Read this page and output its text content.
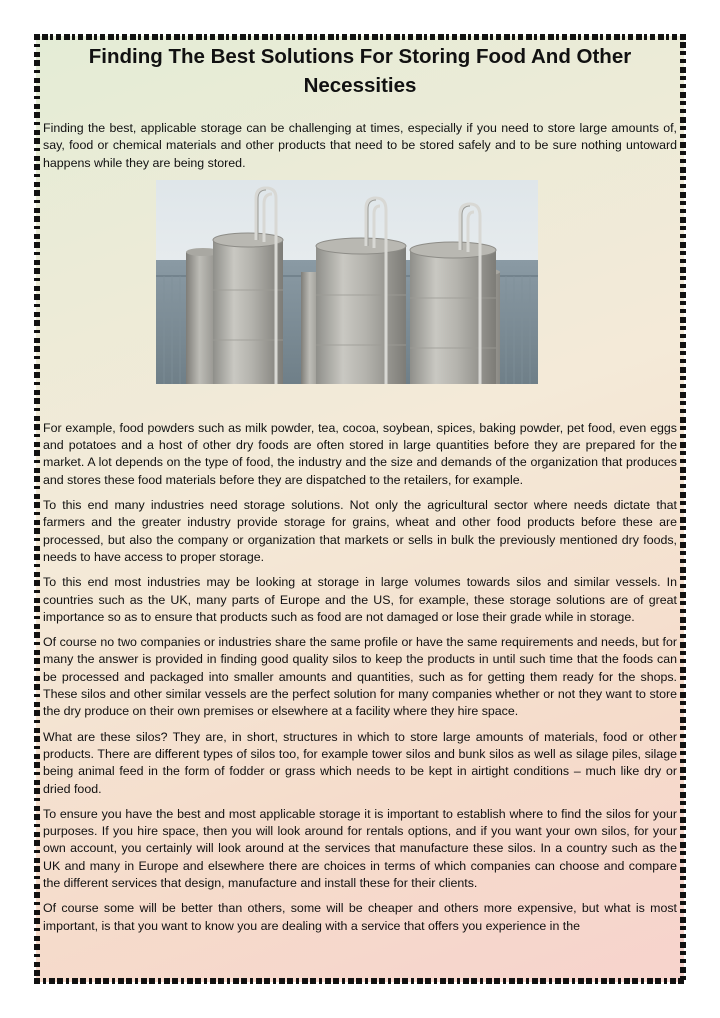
Finding The Best Solutions For Storing Food And Other Necessities

Finding the best, applicable storage can be challenging at times, especially if you need to store large amounts of, say, food or chemical materials and other products that need to be stored safely and to be sure nothing untoward happens while they are being stored.

For example, food powders such as milk powder, tea, cocoa, soybean, spices, baking powder, pet food, even eggs and potatoes and a host of other dry foods are often stored in large quantities before they are prepared for the market. A lot depends on the type of food, the industry and the size and demands of the organization that produces and stores these food materials before they are dispatched to the retailers, for example.

To this end many industries need storage solutions. Not only the agricultural sector where needs dictate that farmers and the greater industry provide storage for grains, wheat and other food products before these are processed, but also the company or organization that markets or sells in bulk the previously mentioned dry foods, needs to have access to proper storage.

To this end most industries may be looking at storage in large volumes towards silos and similar vessels. In countries such as the UK, many parts of Europe and the US, for example, these storage solutions are of great importance so as to ensure that products such as food are not damaged or lose their grade while in storage.

Of course no two companies or industries share the same profile or have the same requirements and needs, but for many the answer is provided in finding good quality silos to keep the products in until such time that the foods can be processed and packaged into smaller amounts and quantities, such as for getting them ready for the shops. These silos and other similar vessels are the perfect solution for many companies whether or not they want to store the dry produce on their own premises or elsewhere at a facility where they hire space.

What are these silos? They are, in short, structures in which to store large amounts of materials, food or other products. There are different types of silos too, for example tower silos and bunk silos as well as silage piles, silage being animal feed in the form of fodder or grass which needs to be kept in airtight conditions – much like dry or dried food.

To ensure you have the best and most applicable storage it is important to establish where to find the silos for your purposes. If you hire space, then you will look around for rentals options, and if you want your own silos, for your own account, you certainly will look around at the services that manufacture these silos. In a country such as the UK and many in Europe and elsewhere there are choices in terms of which companies can choose and compare the different services that design, manufacture and install these for their clients.

Of course some will be better than others, some will be cheaper and others more expensive, but what is most important, is that you want to know you are dealing with a service that offers you experience in the
